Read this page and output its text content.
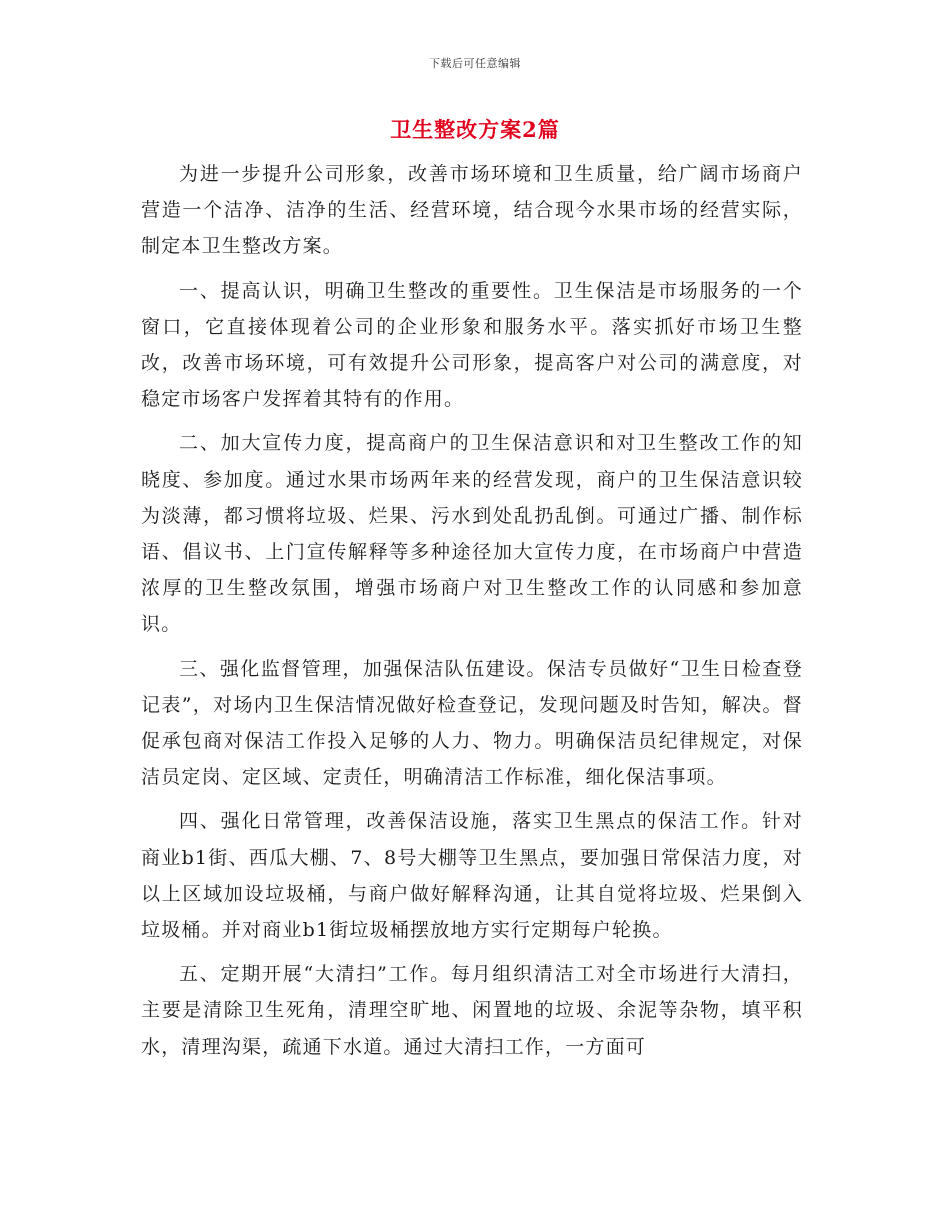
下载后可任意编辑
卫生整改方案2篇

为进一步提升公司形象，改善市场环境和卫生质量，给广阔市场商户营造一个洁净、洁净的生活、经营环境，结合现今水果市场的经营实际，制定本卫生整改方案。

一、提高认识，明确卫生整改的重要性。卫生保洁是市场服务的一个窗口，它直接体现着公司的企业形象和服务水平。落实抓好市场卫生整改，改善市场环境，可有效提升公司形象，提高客户对公司的满意度，对稳定市场客户发挥着其特有的作用。

二、加大宣传力度，提高商户的卫生保洁意识和对卫生整改工作的知晓度、参加度。通过水果市场两年来的经营发现，商户的卫生保洁意识较为淡薄，都习惯将垃圾、烂果、污水到处乱扔乱倒。可通过广播、制作标语、倡议书、上门宣传解释等多种途径加大宣传力度，在市场商户中营造浓厚的卫生整改氛围，增强市场商户对卫生整改工作的认同感和参加意识。

三、强化监督管理，加强保洁队伍建设。保洁专员做好“卫生日检查登记表”，对场内卫生保洁情况做好检查登记，发现问题及时告知，解决。督促承包商对保洁工作投入足够的人力、物力。明确保洁员纪律规定，对保洁员定岗、定区域、定责任，明确清洁工作标准，细化保洁事项。

四、强化日常管理，改善保洁设施，落实卫生黑点的保洁工作。针对商业b1街、西瓜大棚、7、8号大棚等卫生黑点，要加强日常保洁力度，对以上区域加设垃圾桶，与商户做好解释沟通，让其自觉将垃圾、烂果倒入垃圾桶。并对商业b1街垃圾桶摆放地方实行定期每户轮换。

五、定期开展“大清扫”工作。每月组织清洁工对全市场进行大清扫，主要是清除卫生死角，清理空旷地、闲置地的垃圾、余泥等杂物，填平积水，清理沟渠，疏通下水道。通过大清扫工作，一方面可
